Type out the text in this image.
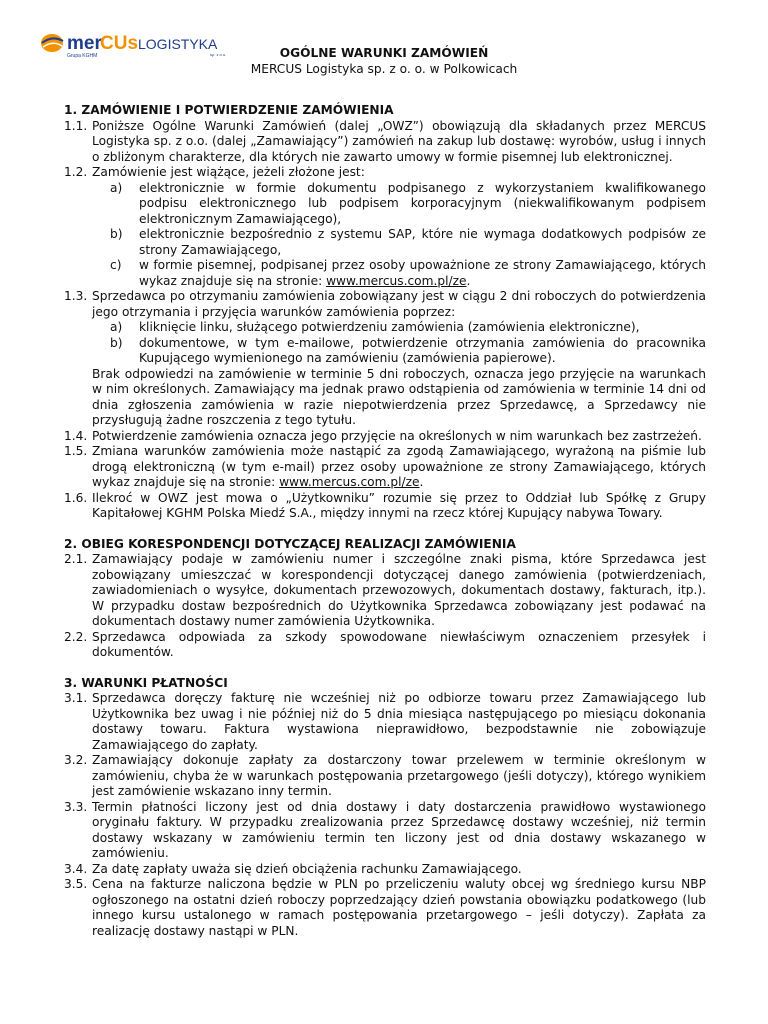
mer
CUs LOGISTYKA
Grupa KGHM	sp. z o.o.	OGÓLNE WARUNKI ZAMÓWIEŃ
MERCUS Logistyka sp. z o. o. w Polkowicach
1. ZAMÓWIENIE I POTWIERDZENIE ZAMÓWIENIA
1.1. Poniższe Ogólne Warunki Zamówień (dalej „OWZ”) obowiązują dla składanych przez MERCUS Logistyka sp. z o.o. (dalej „Zamawiający”) zamówień na zakup lub dostawę: wyrobów, usług i innych o zbliżonym charakterze, dla których nie zawarto umowy w formie pisemnej lub elektronicznej.
1.2. Zamówienie jest wiążące, jeżeli złożone jest:
a)	elektronicznie w formie dokumentu podpisanego z wykorzystaniem kwalifikowanego podpisu elektronicznego lub podpisem korporacyjnym (niekwalifikowanym podpisem elektronicznym Zamawiającego),
b)	elektronicznie bezpośrednio z systemu SAP, które nie wymaga dodatkowych podpisów ze strony Zamawiającego,
c)	w formie pisemnej, podpisanej przez osoby upoważnione ze strony Zamawiającego, których wykaz znajduje się na stronie: www.mercus.com.pl/ze.
1.3. Sprzedawca po otrzymaniu zamówienia zobowiązany jest w ciągu 2 dni roboczych do potwierdzenia jego otrzymania i przyjęcia warunków zamówienia poprzez:
a)	kliknięcie linku, służącego potwierdzeniu zamówienia (zamówienia elektroniczne),
b)	dokumentowe, w tym e-mailowe, potwierdzenie otrzymania zamówienia do pracownika Kupującego wymienionego na zamówieniu (zamówienia papierowe).
Brak odpowiedzi na zamówienie w terminie 5 dni roboczych, oznacza jego przyjęcie na warunkach w nim określonych. Zamawiający ma jednak prawo odstąpienia od zamówienia w terminie 14 dni od dnia zgłoszenia zamówienia w razie niepotwierdzenia przez Sprzedawcę, a Sprzedawcy nie przysługują żadne roszczenia z tego tytułu.
1.4. Potwierdzenie zamówienia oznacza jego przyjęcie na określonych w nim warunkach bez zastrzeżeń.
1.5. Zmiana warunków zamówienia może nastąpić za zgodą Zamawiającego, wyrażoną na piśmie lub drogą elektroniczną (w tym e-mail) przez osoby upoważnione ze strony Zamawiającego, których wykaz znajduje się na stronie: www.mercus.com.pl/ze.
1.6. Ilekroć w OWZ jest mowa o „Użytkowniku” rozumie się przez to Oddział lub Spółkę z Grupy Kapitałowej KGHM Polska Miedź S.A., między innymi na rzecz której Kupujący nabywa Towary.
2. OBIEG KORESPONDENCJI DOTYCZĄCEJ REALIZACJI ZAMÓWIENIA
2.1. Zamawiający podaje w zamówieniu numer i szczególne znaki pisma, które Sprzedawca jest zobowiązany umieszczać w korespondencji dotyczącej danego zamówienia (potwierdzeniach, zawiadomieniach o wysyłce, dokumentach przewozowych, dokumentach dostawy, fakturach, itp.). W przypadku dostaw bezpośrednich do Użytkownika Sprzedawca zobowiązany jest podawać na dokumentach dostawy numer zamówienia Użytkownika.
2.2. Sprzedawca odpowiada za szkody spowodowane niewłaściwym oznaczeniem przesyłek i dokumentów.
3. WARUNKI PŁATNOŚCI
3.1. Sprzedawca doręczy fakturę nie wcześniej niż po odbiorze towaru przez Zamawiającego lub Użytkownika bez uwag i nie później niż do 5 dnia miesiąca następującego po miesiącu dokonania dostawy towaru. Faktura wystawiona nieprawidłowo, bezpodstawnie nie zobowiązuje Zamawiającego do zapłaty.
3.2. Zamawiający dokonuje zapłaty za dostarczony towar przelewem w terminie określonym w zamówieniu, chyba że w warunkach postępowania przetargowego (jeśli dotyczy), którego wynikiem jest zamówienie wskazano inny termin.
3.3. Termin płatności liczony jest od dnia dostawy i daty dostarczenia prawidłowo wystawionego oryginału faktury. W przypadku zrealizowania przez Sprzedawcę dostawy wcześniej, niż termin dostawy wskazany w zamówieniu termin ten liczony jest od dnia dostawy wskazanego w zamówieniu.
3.4. Za datę zapłaty uważa się dzień obciążenia rachunku Zamawiającego.
3.5. Cena na fakturze naliczona będzie w PLN po przeliczeniu waluty obcej wg średniego kursu NBP ogłoszonego na ostatni dzień roboczy poprzedzający dzień powstania obowiązku podatkowego (lub innego kursu ustalonego w ramach postępowania przetargowego – jeśli dotyczy). Zapłata za realizację dostawy nastąpi w PLN.
